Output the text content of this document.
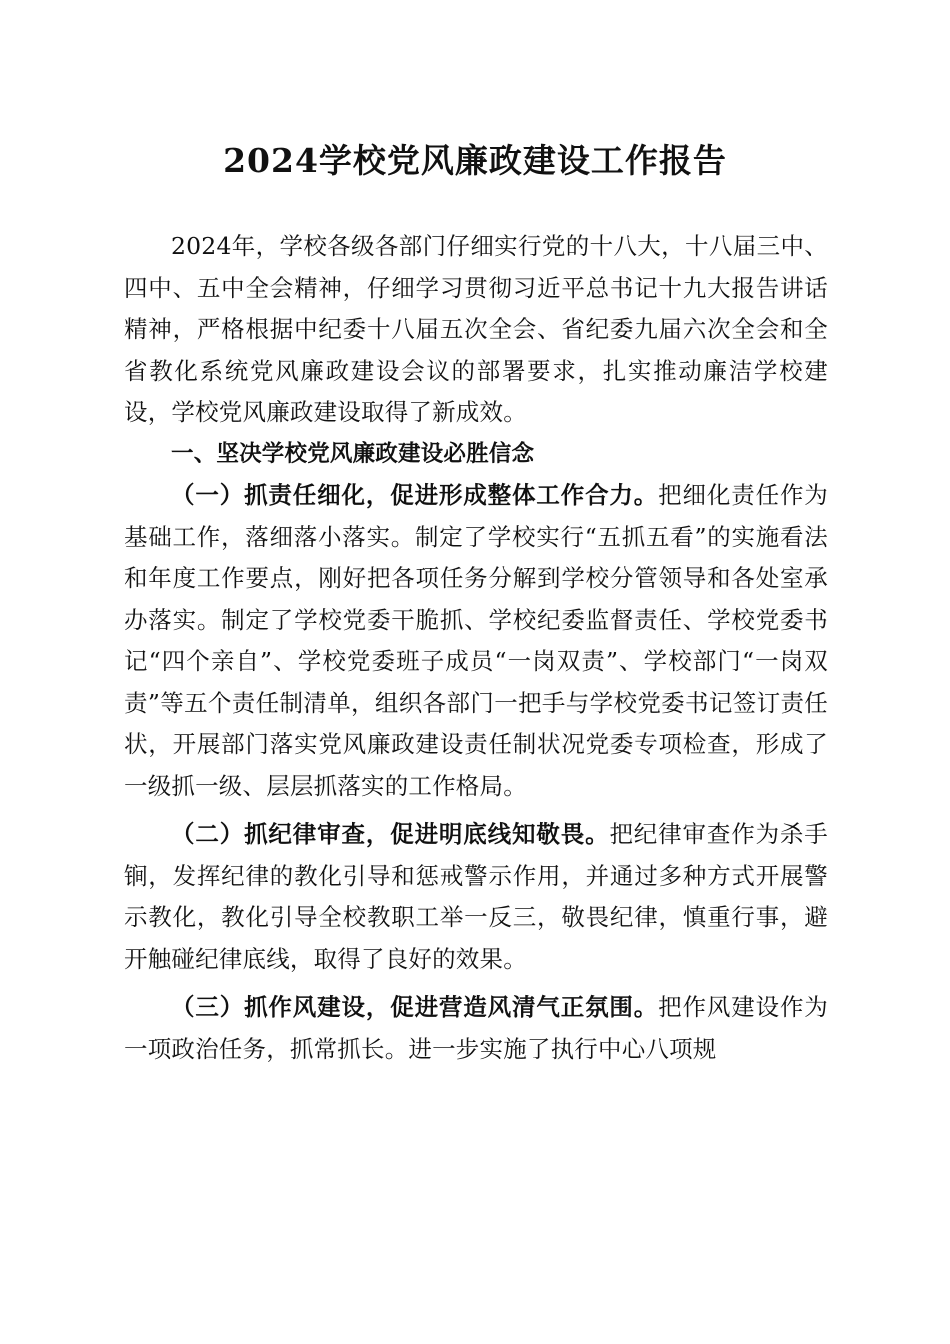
2024学校党风廉政建设工作报告

2024年，学校各级各部门仔细实行党的十八大，十八届三中、四中、五中全会精神，仔细学习贯彻习近平总书记十九大报告讲话精神，严格根据中纪委十八届五次全会、省纪委九届六次全会和全省教化系统党风廉政建设会议的部署要求，扎实推动廉洁学校建设，学校党风廉政建设取得了新成效。

一、坚决学校党风廉政建设必胜信念

（一）抓责任细化，促进形成整体工作合力。把细化责任作为基础工作，落细落小落实。制定了学校实行“五抓五看”的实施看法和年度工作要点，刚好把各项任务分解到学校分管领导和各处室承办落实。制定了学校党委干脆抓、学校纪委监督责任、学校党委书记“四个亲自”、学校党委班子成员“一岗双责”、学校部门“一岗双责”等五个责任制清单，组织各部门一把手与学校党委书记签订责任状，开展部门落实党风廉政建设责任制状况党委专项检查，形成了一级抓一级、层层抓落实的工作格局。

（二）抓纪律审查，促进明底线知敬畏。把纪律审查作为杀手锏，发挥纪律的教化引导和惩戒警示作用，并通过多种方式开展警示教化，教化引导全校教职工举一反三，敬畏纪律，慎重行事，避开触碰纪律底线，取得了良好的效果。

（三）抓作风建设，促进营造风清气正氛围。把作风建设作为一项政治任务，抓常抓长。进一步实施了执行中心八项规
